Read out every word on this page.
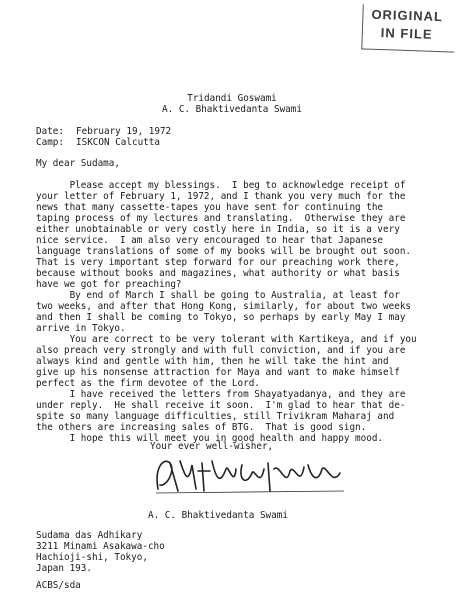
ORIGINAL
IN FILE
Tridandi Goswami
A. C. Bhaktivedanta Swami
Date: February 19, 1972
Camp: ISKCON Calcutta
My dear Sudama,
Please accept my blessings.  I beg to acknowledge receipt of
your letter of February 1, 1972, and I thank you very much for the
news that many cassette-tapes you have sent for continuing the
taping process of my lectures and translating.  Otherwise they are
either unobtainable or very costly here in India, so it is a very
nice service.  I am also very encouraged to hear that Japanese
language translations of some of my books will be brought out soon.
That is very important step forward for our preaching work there,
because without books and magazines, what authority or what basis
have we got for preaching?
By end of March I shall be going to Australia, at least for
two weeks, and after that Hong Kong, similarly, for about two weeks
and then I shall be coming to Tokyo, so perhaps by early May I may
arrive in Tokyo.
You are correct to be very tolerant with Kartikeya, and if you
also preach very strongly and with full conviction, and if you are
always kind and gentle with him, then he will take the hint and
give up his nonsense attraction for Maya and want to make himself
perfect as the firm devotee of the Lord.
I have received the letters from Shayatyadanya, and they are
under reply.  He shall receive it soon.  I'm glad to hear that de-
spite so many language difficulties, still Trivikram Maharaj and
the others are increasing sales of BTG.  That is good sign.
I hope this will meet you in good health and happy mood.
Your ever well-wisher,
A. C. Bhaktivedanta Swami
Sudama das Adhikary
3211 Minami Asakawa-cho
Hachioji-shi, Tokyo,
Japan 193.
ACBS/sda
